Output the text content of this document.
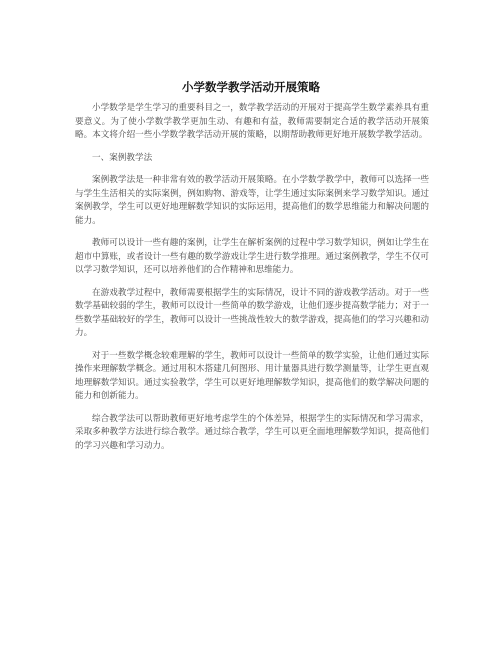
小学数学教学活动开展策略

小学数学是学生学习的重要科目之一，数学教学活动的开展对于提高学生数学素养具有重要意义。为了使小学数学教学更加生动、有趣和有益，教师需要制定合适的教学活动开展策略。本文将介绍一些小学数学教学活动开展的策略，以期帮助教师更好地开展数学教学活动。

一、案例教学法

案例教学法是一种非常有效的教学活动开展策略。在小学数学教学中，教师可以选择一些与学生生活相关的实际案例，例如购物、游戏等，让学生通过实际案例来学习数学知识。通过案例教学，学生可以更好地理解数学知识的实际运用，提高他们的数学思维能力和解决问题的能力。

教师可以设计一些有趣的案例，让学生在解析案例的过程中学习数学知识，例如让学生在超市中算账，或者设计一些有趣的数学游戏让学生进行数学推理。通过案例教学，学生不仅可以学习数学知识，还可以培养他们的合作精神和思维能力。

在游戏教学过程中，教师需要根据学生的实际情况，设计不同的游戏教学活动。对于一些数学基础较弱的学生，教师可以设计一些简单的数学游戏，让他们逐步提高数学能力；对于一些数学基础较好的学生，教师可以设计一些挑战性较大的数学游戏，提高他们的学习兴趣和动力。

对于一些数学概念较难理解的学生，教师可以设计一些简单的数学实验，让他们通过实际操作来理解数学概念。通过用积木搭建几何图形、用计量器具进行数学测量等，让学生更直观地理解数学知识。通过实验教学，学生可以更好地理解数学知识，提高他们的数学解决问题的能力和创新能力。

综合教学法可以帮助教师更好地考虑学生的个体差异，根据学生的实际情况和学习需求，采取多种教学方法进行综合教学。通过综合教学，学生可以更全面地理解数学知识，提高他们的学习兴趣和学习动力。
